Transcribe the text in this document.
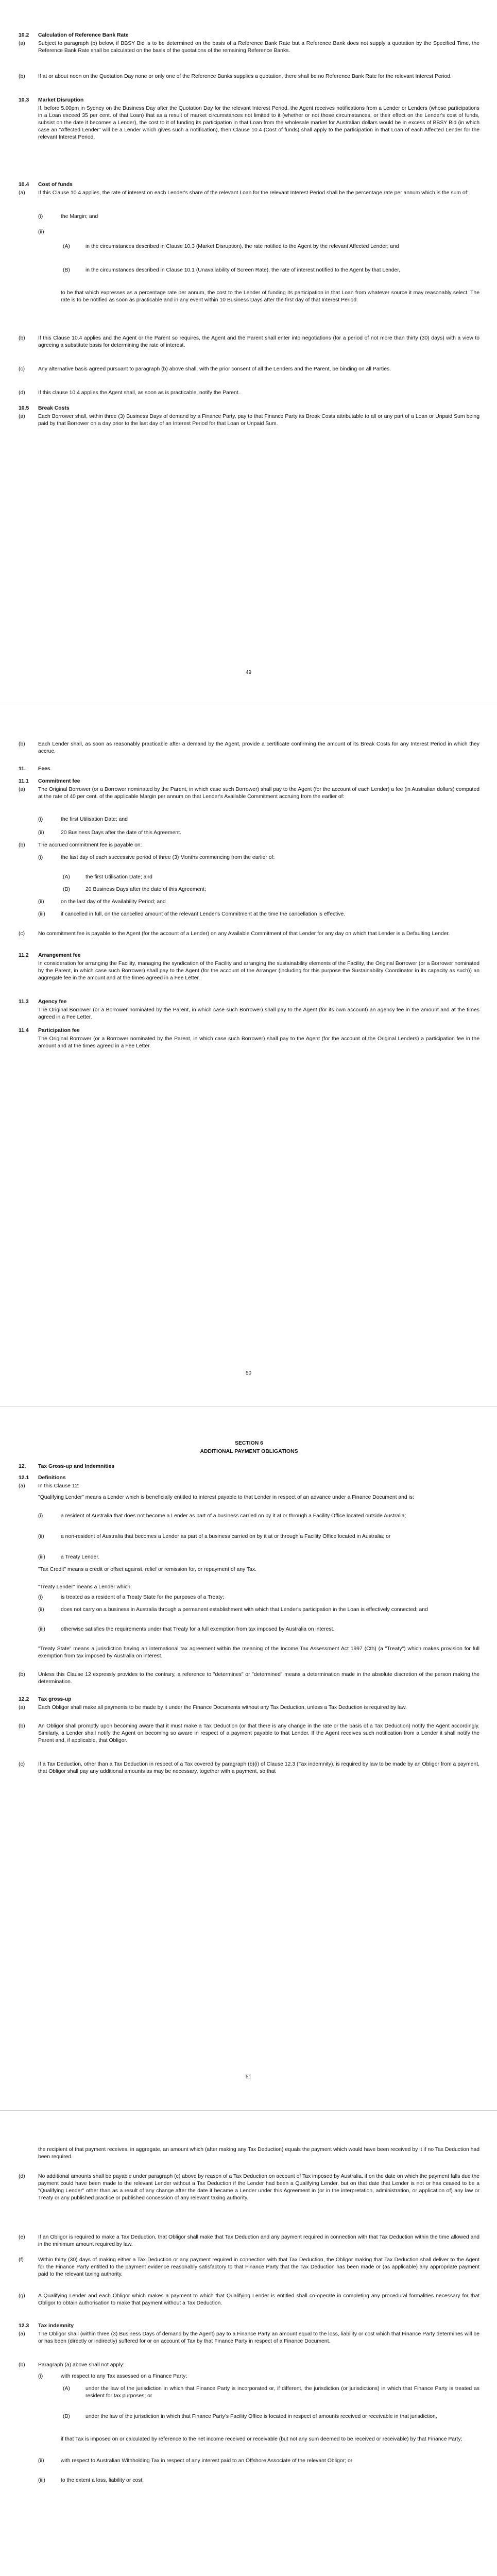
10.2	Calculation of Reference Bank Rate
(a)	Subject to paragraph (b) below, if BBSY Bid is to be determined on the basis of a Reference Bank Rate but a Reference Bank does not supply a quotation by the Specified Time, the Reference Bank Rate shall be calculated on the basis of the quotations of the remaining Reference Banks.
(b)	If at or about noon on the Quotation Day none or only one of the Reference Banks supplies a quotation, there shall be no Reference Bank Rate for the relevant Interest Period.
10.3	Market Disruption
If, before 5.00pm in Sydney on the Business Day after the Quotation Day for the relevant Interest Period, the Agent receives notifications from a Lender or Lenders (whose participations in a Loan exceed 35 per cent. of that Loan) that as a result of market circumstances not limited to it (whether or not those circumstances, or their effect on the Lender's cost of funds, subsist on the date it becomes a Lender), the cost to it of funding its participation in that Loan from the wholesale market for Australian dollars would be in excess of BBSY Bid (in which case an "Affected Lender" will be a Lender which gives such a notification), then Clause 10.4 (Cost of funds) shall apply to the participation in that Loan of each Affected Lender for the relevant Interest Period.
10.4	Cost of funds
(a)	If this Clause 10.4 applies, the rate of interest on each Lender's share of the relevant Loan for the relevant Interest Period shall be the percentage rate per annum which is the sum of:
(i)	the Margin; and
(ii)
(A)	in the circumstances described in Clause 10.3 (Market Disruption), the rate notified to the Agent by the relevant Affected Lender; and
(B)	in the circumstances described in Clause 10.1 (Unavailability of Screen Rate), the rate of interest notified to the Agent by that Lender,
to be that which expresses as a percentage rate per annum, the cost to the Lender of funding its participation in that Loan from whatever source it may reasonably select. The rate is to be notified as soon as practicable and in any event within 10 Business Days after the first day of that Interest Period.
(b)	If this Clause 10.4 applies and the Agent or the Parent so requires, the Agent and the Parent shall enter into negotiations (for a period of not more than thirty (30) days) with a view to agreeing a substitute basis for determining the rate of interest.
(c)	Any alternative basis agreed pursuant to paragraph (b) above shall, with the prior consent of all the Lenders and the Parent, be binding on all Parties.
(d)	If this clause 10.4 applies the Agent shall, as soon as is practicable, notify the Parent.
10.5	Break Costs
(a)	Each Borrower shall, within three (3) Business Days of demand by a Finance Party, pay to that Finance Party its Break Costs attributable to all or any part of a Loan or Unpaid Sum being paid by that Borrower on a day prior to the last day of an Interest Period for that Loan or Unpaid Sum.
49
(b)	Each Lender shall, as soon as reasonably practicable after a demand by the Agent, provide a certificate confirming the amount of its Break Costs for any Interest Period in which they accrue.
11.	Fees
11.1	Commitment fee
(a)	The Original Borrower (or a Borrower nominated by the Parent, in which case such Borrower) shall pay to the Agent (for the account of each Lender) a fee (in Australian dollars) computed at the rate of 40 per cent. of the applicable Margin per annum on that Lender's Available Commitment accruing from the earlier of:
(i)	the first Utilisation Date; and
(ii)	20 Business Days after the date of this Agreement.
(b)	The accrued commitment fee is payable on:
(i)	the last day of each successive period of three (3) Months commencing from the earlier of:
(A)	the first Utilisation Date; and
(B)	20 Business Days after the date of this Agreement;
(ii)	on the last day of the Availability Period; and
(iii)	if cancelled in full, on the cancelled amount of the relevant Lender's Commitment at the time the cancellation is effective.
(c)	No commitment fee is payable to the Agent (for the account of a Lender) on any Available Commitment of that Lender for any day on which that Lender is a Defaulting Lender.
11.2	Arrangement fee
In consideration for arranging the Facility, managing the syndication of the Facility and arranging the sustainability elements of the Facility, the Original Borrower (or a Borrower nominated by the Parent, in which case such Borrower) shall pay to the Agent (for the account of the Arranger (including for this purpose the Sustainability Coordinator in its capacity as such)) an aggregate fee in the amount and at the times agreed in a Fee Letter.
11.3	Agency fee
The Original Borrower (or a Borrower nominated by the Parent, in which case such Borrower) shall pay to the Agent (for its own account) an agency fee in the amount and at the times agreed in a Fee Letter.
11.4	Participation fee
The Original Borrower (or a Borrower nominated by the Parent, in which case such Borrower) shall pay to the Agent (for the account of the Original Lenders) a participation fee in the amount and at the times agreed in a Fee Letter.
50
SECTION 6
ADDITIONAL PAYMENT OBLIGATIONS
12.	Tax Gross-up and Indemnities
12.1	Definitions
(a)	In this Clause 12:
"Qualifying Lender" means a Lender which is beneficially entitled to interest payable to that Lender in respect of an advance under a Finance Document and is:
(i)	a resident of Australia that does not become a Lender as part of a business carried on by it at or through a Facility Office located outside Australia;
(ii)	a non-resident of Australia that becomes a Lender as part of a business carried on by it at or through a Facility Office located in Australia; or
(iii)	a Treaty Lender.
"Tax Credit" means a credit or offset against, relief or remission for, or repayment of any Tax.
"Treaty Lender" means a Lender which:
(i)	is treated as a resident of a Treaty State for the purposes of a Treaty;
(ii)	does not carry on a business in Australia through a permanent establishment with which that Lender's participation in the Loan is effectively connected; and
(iii)	otherwise satisfies the requirements under that Treaty for a full exemption from tax imposed by Australia on interest.
"Treaty State" means a jurisdiction having an international tax agreement within the meaning of the Income Tax Assessment Act 1997 (Cth) (a "Treaty") which makes provision for full exemption from tax imposed by Australia on interest.
(b)	Unless this Clause 12 expressly provides to the contrary, a reference to "determines" or "determined" means a determination made in the absolute discretion of the person making the determination.
12.2	Tax gross-up
(a)	Each Obligor shall make all payments to be made by it under the Finance Documents without any Tax Deduction, unless a Tax Deduction is required by law.
(b)	An Obligor shall promptly upon becoming aware that it must make a Tax Deduction (or that there is any change in the rate or the basis of a Tax Deduction) notify the Agent accordingly. Similarly, a Lender shall notify the Agent on becoming so aware in respect of a payment payable to that Lender. If the Agent receives such notification from a Lender it shall notify the Parent and, if applicable, that Obligor.
(c)	If a Tax Deduction, other than a Tax Deduction in respect of a Tax covered by paragraph (b)(i) of Clause 12.3 (Tax indemnity), is required by law to be made by an Obligor from a payment, that Obligor shall pay any additional amounts as may be necessary, together with a payment, so that
51
the recipient of that payment receives, in aggregate, an amount which (after making any Tax Deduction) equals the payment which would have been received by it if no Tax Deduction had been required.
(d)	No additional amounts shall be payable under paragraph (c) above by reason of a Tax Deduction on account of Tax imposed by Australia, if on the date on which the payment falls due the payment could have been made to the relevant Lender without a Tax Deduction if the Lender had been a Qualifying Lender, but on that date that Lender is not or has ceased to be a "Qualifying Lender" other than as a result of any change after the date it became a Lender under this Agreement in (or in the interpretation, administration, or application of) any law or Treaty or any published practice or published concession of any relevant taxing authority.
(e)	If an Obligor is required to make a Tax Deduction, that Obligor shall make that Tax Deduction and any payment required in connection with that Tax Deduction within the time allowed and in the minimum amount required by law.
(f)	Within thirty (30) days of making either a Tax Deduction or any payment required in connection with that Tax Deduction, the Obligor making that Tax Deduction shall deliver to the Agent for the Finance Party entitled to the payment evidence reasonably satisfactory to that Finance Party that the Tax Deduction has been made or (as applicable) any appropriate payment paid to the relevant taxing authority.
(g)	A Qualifying Lender and each Obligor which makes a payment to which that Qualifying Lender is entitled shall co-operate in completing any procedural formalities necessary for that Obligor to obtain authorisation to make that payment without a Tax Deduction.
12.3	Tax indemnity
(a)	The Obligor shall (within three (3) Business Days of demand by the Agent) pay to a Finance Party an amount equal to the loss, liability or cost which that Finance Party determines will be or has been (directly or indirectly) suffered for or on account of Tax by that Finance Party in respect of a Finance Document.
(b)	Paragraph (a) above shall not apply:
(i)	with respect to any Tax assessed on a Finance Party:
(A)	under the law of the jurisdiction in which that Finance Party is incorporated or, if different, the jurisdiction (or jurisdictions) in which that Finance Party is treated as resident for tax purposes; or
(B)	under the law of the jurisdiction in which that Finance Party's Facility Office is located in respect of amounts received or receivable in that jurisdiction,
if that Tax is imposed on or calculated by reference to the net income received or receivable (but not any sum deemed to be received or receivable) by that Finance Party;
(ii)	with respect to Australian Withholding Tax in respect of any interest paid to an Offshore Associate of the relevant Obligor; or
(iii)	to the extent a loss, liability or cost:
